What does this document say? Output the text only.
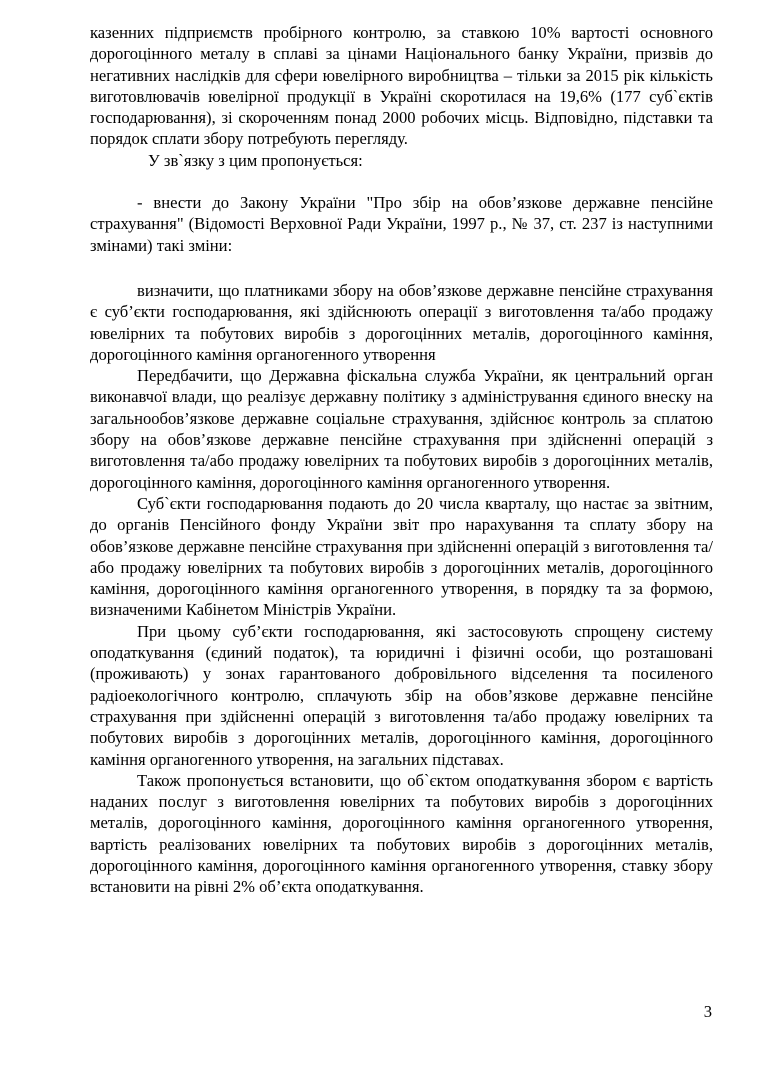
казенних підприємств пробірного контролю, за ставкою 10% вартості основного дорогоцінного металу в сплаві за цінами Національного банку України, призвів до негативних наслідків для сфери ювелірного виробництва – тільки за 2015 рік кількість виготовлювачів ювелірної продукції в Україні скоротилася на 19,6% (177 суб`єктів господарювання), зі скороченням понад 2000 робочих місць. Відповідно, підставки та порядок сплати збору потребують перегляду.

У зв`язку з цим пропонується:

- внести до Закону України "Про збір на обов’язкове державне пенсійне страхування" (Відомості Верховної Ради України, 1997 р., № 37, ст. 237 із наступними змінами) такі зміни:

визначити, що платниками збору на обов’язкове державне пенсійне страхування є суб’єкти господарювання, які здійснюють операції з виготовлення та/або продажу ювелірних та побутових виробів з дорогоцінних металів, дорогоцінного каміння, дорогоцінного каміння органогенного утворення

Передбачити, що Державна фіскальна служба України, як центральний орган виконавчої влади, що реалізує державну політику з адміністрування єдиного внеску на загальнообов’язкове державне соціальне страхування, здійснює контроль за сплатою збору на обов’язкове державне пенсійне страхування при здійсненні операцій з виготовлення та/або продажу ювелірних та побутових виробів з дорогоцінних металів, дорогоцінного каміння, дорогоцінного каміння органогенного утворення.

Суб`єкти господарювання подають до 20 числа кварталу, що настає за звітним, до органів Пенсійного фонду України звіт про нарахування та сплату збору на обов’язкове державне пенсійне страхування при здійсненні операцій з виготовлення та/або продажу ювелірних та побутових виробів з дорогоцінних металів, дорогоцінного каміння, дорогоцінного каміння органогенного утворення, в порядку та за формою, визначеними Кабінетом Міністрів України.

При цьому суб’єкти господарювання, які застосовують спрощену систему оподаткування (єдиний податок), та юридичні і фізичні особи, що розташовані (проживають) у зонах гарантованого добровільного відселення та посиленого радіоекологічного контролю, сплачують збір на обов’язкове державне пенсійне страхування при здійсненні операцій з виготовлення та/або продажу ювелірних та побутових виробів з дорогоцінних металів, дорогоцінного каміння, дорогоцінного каміння органогенного утворення, на загальних підставах.

Також пропонується встановити, що об`єктом оподаткування збором є вартість наданих послуг з виготовлення ювелірних та побутових виробів з дорогоцінних металів, дорогоцінного каміння, дорогоцінного каміння органогенного утворення, вартість реалізованих ювелірних та побутових виробів з дорогоцінних металів, дорогоцінного каміння, дорогоцінного каміння органогенного утворення, ставку збору встановити на рівні 2% об’єкта оподаткування.

3
